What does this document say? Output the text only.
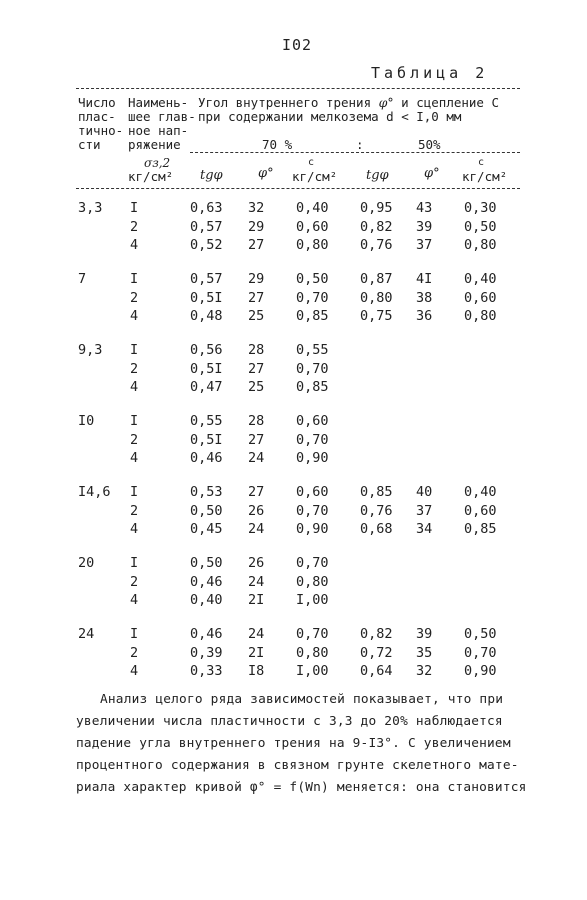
I02
Таблица 2
Число
плас-
тично-
сти
Наимень-
шее глав-
ное нап-
ряжение
Угол внутреннего трения φ° и сцепление C
при содержании мелкозема d < I,0 мм
70 %	:	50%
σз,2
кг/см² tgφ	φ° кг/см²
c
tgφ	φ° кг/см²
c
3,3 I	0,63 32 0,40 0,95 43 0,30
2	0,57 29 0,60 0,82 39 0,50
4	0,52 27 0,80 0,76 37 0,80
7	I	0,57 29 0,50 0,87 4I 0,40
2	0,5I 27 0,70 0,80 38 0,60
4	0,48 25 0,85 0,75 36 0,80
9,3 I	0,56 28 0,55
2	0,5I 27 0,70
4	0,47 25 0,85
I0	I	0,55 28 0,60
2	0,5I 27 0,70
4	0,46 24 0,90
I4,6 I	0,53 27 0,60 0,85 40 0,40
2	0,50 26 0,70 0,76 37 0,60
4	0,45 24 0,90 0,68 34 0,85
20	I	0,50 26 0,70
2	0,46 24 0,80
4	0,40 2I I,00
24	I	0,46 24 0,70 0,82 39 0,50
2	0,39 2I 0,80 0,72 35 0,70
4	0,33 I8 I,00 0,64 32 0,90
Анализ целого ряда зависимостей показывает, что при
увеличении числа пластичности с 3,3 до 20% наблюдается
падение угла внутреннего трения на 9-I3°. С увеличением
процентного содержания в связном грунте скелетного мате-
риала характер кривой φ° = f(Wn) меняется: она становится
